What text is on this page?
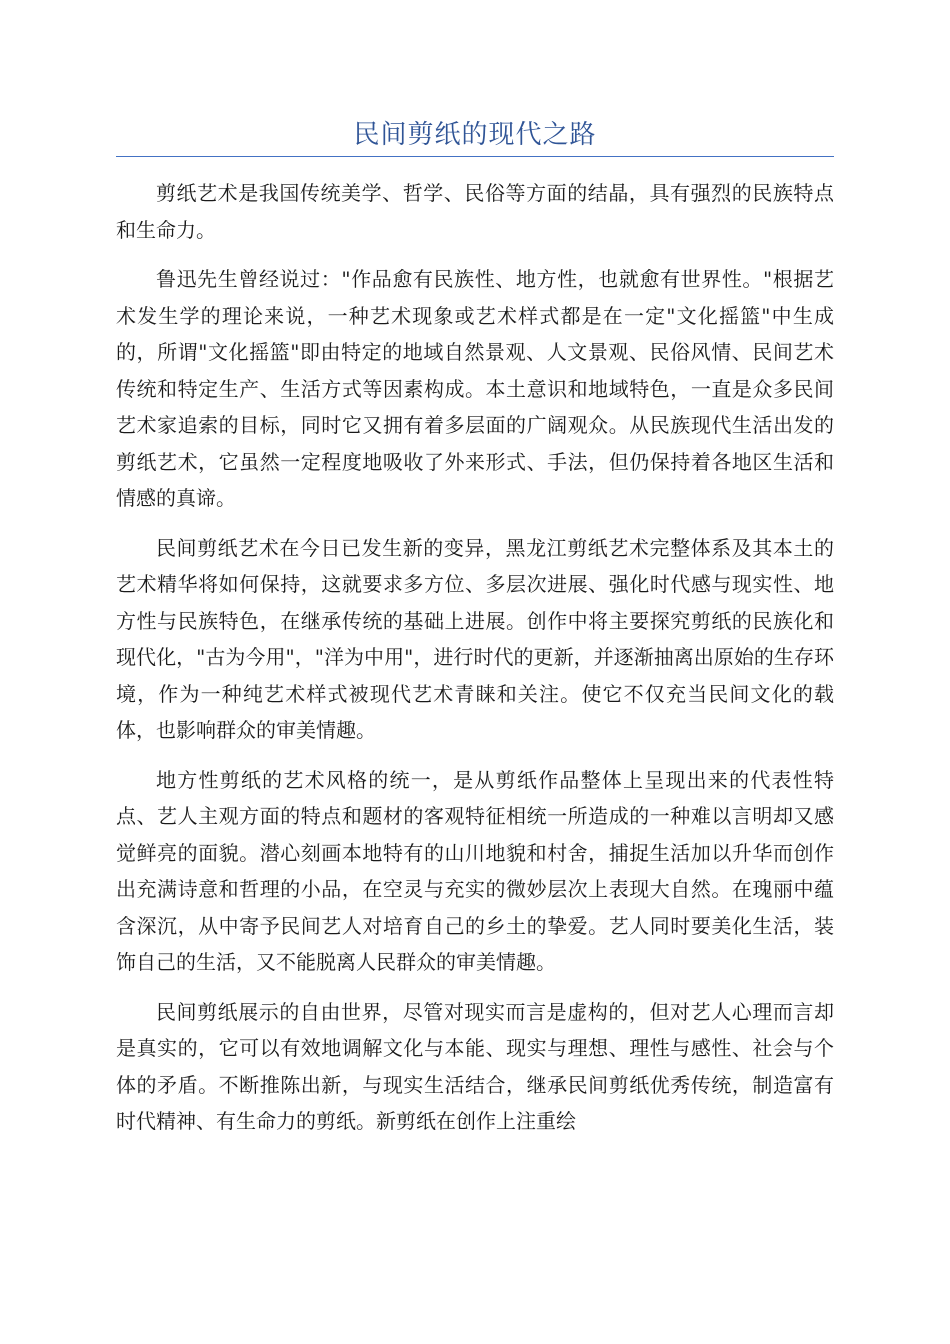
民间剪纸的现代之路

剪纸艺术是我国传统美学、哲学、民俗等方面的结晶，具有强烈的民族特点和生命力。

鲁迅先生曾经说过："作品愈有民族性、地方性，也就愈有世界性。"根据艺术发生学的理论来说，一种艺术现象或艺术样式都是在一定"文化摇篮"中生成的，所谓"文化摇篮"即由特定的地域自然景观、人文景观、民俗风情、民间艺术传统和特定生产、生活方式等因素构成。本土意识和地域特色，一直是众多民间艺术家追索的目标，同时它又拥有着多层面的广阔观众。从民族现代生活出发的剪纸艺术，它虽然一定程度地吸收了外来形式、手法，但仍保持着各地区生活和情感的真谛。

民间剪纸艺术在今日已发生新的变异，黑龙江剪纸艺术完整体系及其本土的艺术精华将如何保持，这就要求多方位、多层次进展、强化时代感与现实性、地方性与民族特色，在继承传统的基础上进展。创作中将主要探究剪纸的民族化和现代化，"古为今用"，"洋为中用"，进行时代的更新，并逐渐抽离出原始的生存环境，作为一种纯艺术样式被现代艺术青睐和关注。使它不仅充当民间文化的载体，也影响群众的审美情趣。

地方性剪纸的艺术风格的统一，是从剪纸作品整体上呈现出来的代表性特点、艺人主观方面的特点和题材的客观特征相统一所造成的一种难以言明却又感觉鲜亮的面貌。潜心刻画本地特有的山川地貌和村舍，捕捉生活加以升华而创作出充满诗意和哲理的小品，在空灵与充实的微妙层次上表现大自然。在瑰丽中蕴含深沉，从中寄予民间艺人对培育自己的乡土的挚爱。艺人同时要美化生活，装饰自己的生活，又不能脱离人民群众的审美情趣。

民间剪纸展示的自由世界，尽管对现实而言是虚构的，但对艺人心理而言却是真实的，它可以有效地调解文化与本能、现实与理想、理性与感性、社会与个体的矛盾。不断推陈出新，与现实生活结合，继承民间剪纸优秀传统，制造富有时代精神、有生命力的剪纸。新剪纸在创作上注重绘
